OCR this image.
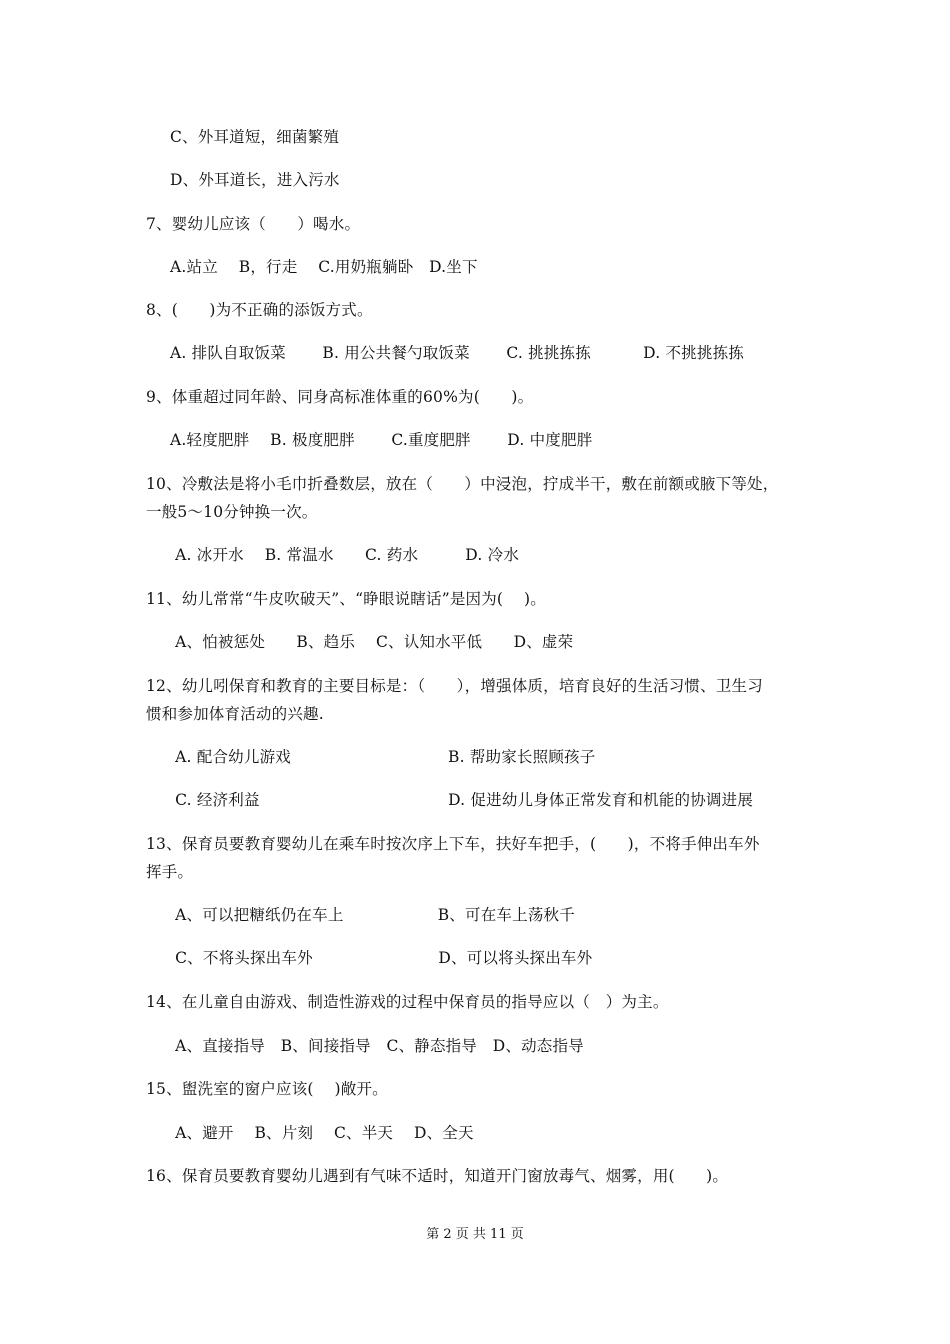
C、外耳道短，细菌繁殖

D、外耳道长，进入污水

7、婴幼儿应该（　　）喝水。

A.站立　 B，行走　 C.用奶瓶躺卧　D.坐下

8、(　　)为不正确的添饭方式。

A. 排队自取饭菜　　 B. 用公共餐勺取饭菜　　 C. 挑挑拣拣　　　 D. 不挑挑拣拣

9、体重超过同年龄、同身高标准体重的60%为(　　)。

A.轻度肥胖　 B. 极度肥胖　　 C.重度肥胖　　 D. 中度肥胖

10、冷敷法是将小毛巾折叠数层，放在（　　）中浸泡，拧成半干，敷在前额或腋下等处，

一般5～10分钟换一次。

A. 冰开水　 B. 常温水　　C. 药水　　　D. 冷水

11、幼儿常常“牛皮吹破天”、“睁眼说瞎话”是因为(　 )。

A、怕被惩处　　B、趋乐　 C、认知水平低　　D、虚荣

12、幼儿吲保育和教育的主要目标是：（　　），增强体质，培育良好的生活习惯、卫生习

惯和参加体育活动的兴趣.

A. 配合幼儿游戏　　　　　　　　　　B. 帮助家长照顾孩子

C. 经济利益　　　　　　　　　　　　D. 促进幼儿身体正常发育和机能的协调进展

13、保育员要教育婴幼儿在乘车时按次序上下车，扶好车把手，(　　)，不将手伸出车外

挥手。

A、可以把糖纸仍在车上　　　　　　B、可在车上荡秋千

C、不将头探出车外　　　　　　　　D、可以将头探出车外

14、在儿童自由游戏、制造性游戏的过程中保育员的指导应以（　）为主。

A、直接指导　B、间接指导　C、静态指导　D、动态指导

15、盥洗室的窗户应该(　 )敞开。

A、避开　 B、片刻　 C、半天　 D、全天

16、保育员要教育婴幼儿遇到有气味不适时，知道开门窗放毒气、烟雾，用(　　)。

第 2 页 共 11 页
